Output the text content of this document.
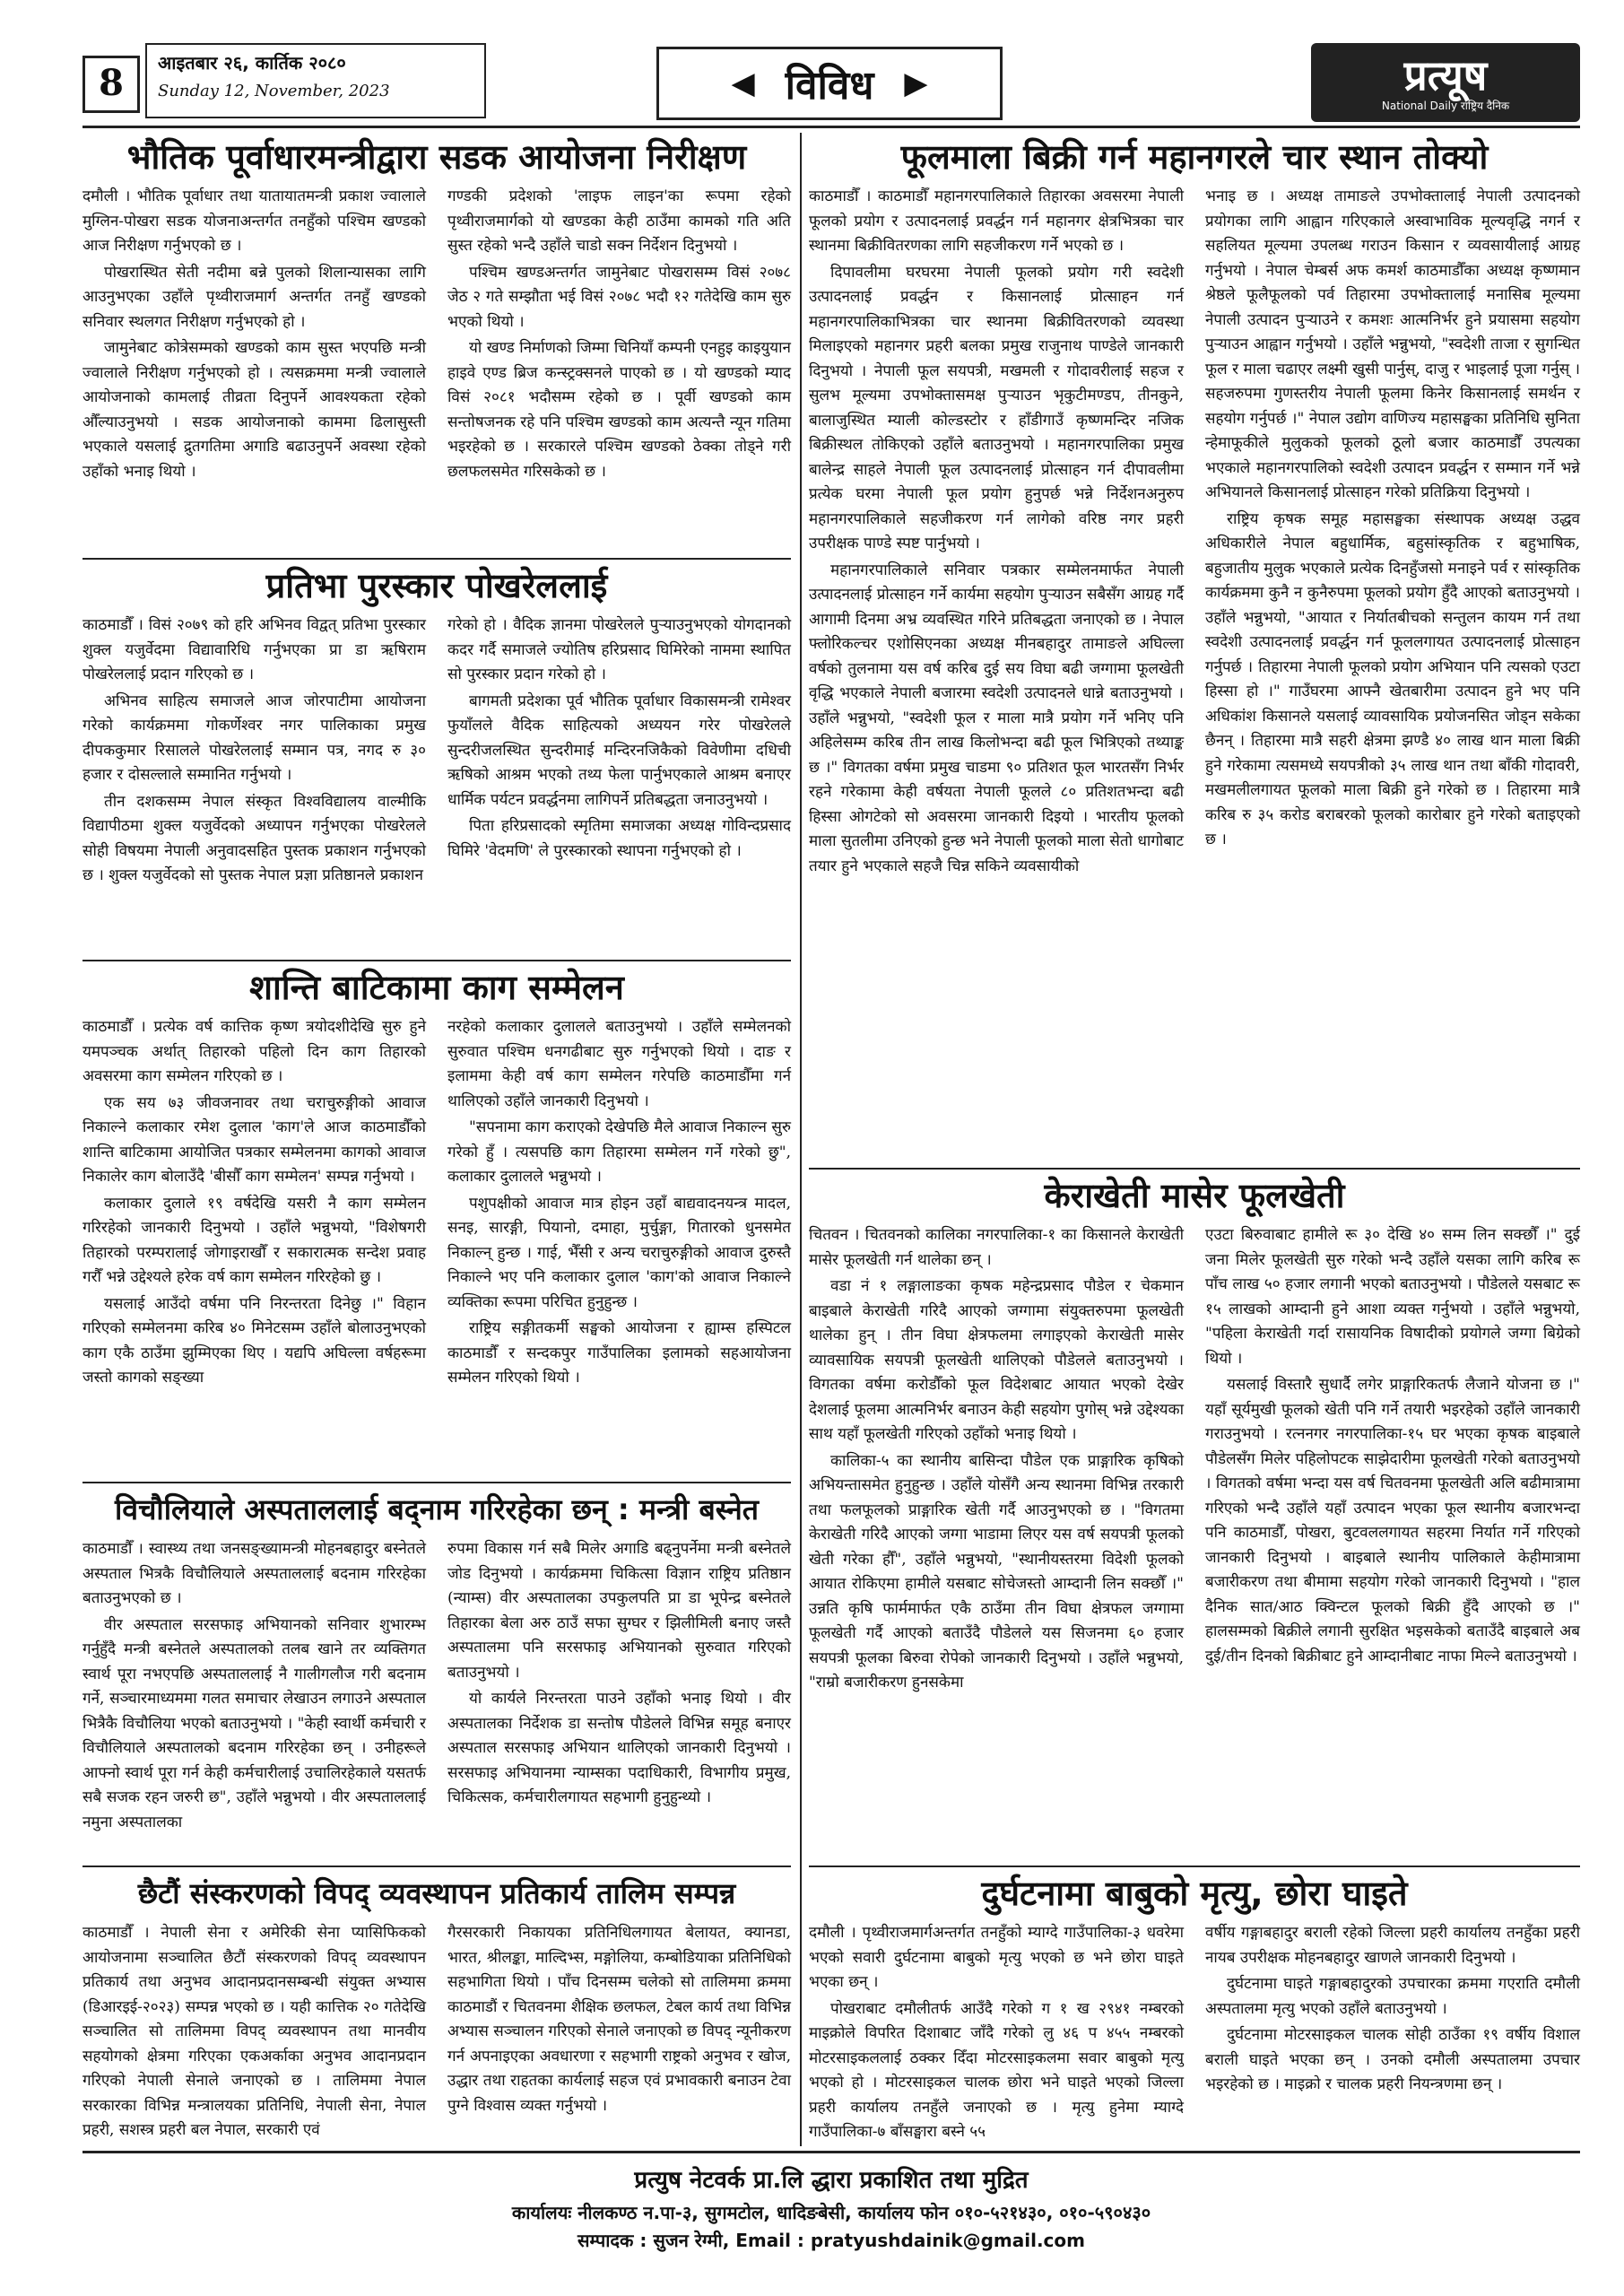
8	आइतबार २६, कार्तिक २०८०
Sunday 12, November, 2023	◀ विविध ▶	प्रत्यूष
National Daily राष्ट्रिय दैनिक
भौतिक पूर्वाधारमन्त्रीद्वारा सडक आयोजना निरीक्षण

दमौली । भौतिक पूर्वाधार तथा यातायातमन्त्री प्रकाश ज्वालाले मुग्लिन-पोखरा सडक योजनाअन्तर्गत तनहुँको पश्चिम खण्डको आज निरीक्षण गर्नुभएको छ ।

पोखरास्थित सेती नदीमा बन्ने पुलको शिलान्यासका लागि आउनुभएका उहाँले पृथ्वीराजमार्ग अन्तर्गत तनहुँ खण्डको सनिवार स्थलगत निरीक्षण गर्नुभएको हो ।

जामुनेबाट कोत्रेसम्मको खण्डको काम सुस्त भएपछि मन्त्री ज्वालाले निरीक्षण गर्नुभएको हो । त्यसक्रममा मन्त्री ज्वालाले आयोजनाको कामलाई तीव्रता दिनुपर्ने आवश्यकता रहेको औँल्याउनुभयो । सडक आयोजनाको काममा ढिलासुस्ती भएकाले यसलाई द्रुतगतिमा अगाडि बढाउनुपर्ने अवस्था रहेको उहाँको भनाइ थियो ।

गण्डकी प्रदेशको 'लाइफ लाइन'का रूपमा रहेको पृथ्वीराजमार्गको यो खण्डका केही ठाउँमा कामको गति अति सुस्त रहेको भन्दै उहाँले चाडो सक्न निर्देशन दिनुभयो ।

पश्चिम खण्डअन्तर्गत जामुनेबाट पोखरासम्म विसं २०७८ जेठ २ गते सम्झौता भई विसं २०७८ भदौ १२ गतेदेखि काम सुरु भएको थियो ।

यो खण्ड निर्माणको जिम्मा चिनियाँ कम्पनी एनहुइ काइयुयान हाइवे एण्ड ब्रिज कन्स्ट्रक्सनले पाएको छ । यो खण्डको म्याद विसं २०८१ भदौसम्म रहेको छ । पूर्वी खण्डको काम सन्तोषजनक रहे पनि पश्चिम खण्डको काम अत्यन्तै न्यून गतिमा भइरहेको छ । सरकारले पश्चिम खण्डको ठेक्का तोड्ने गरी छलफलसमेत गरिसकेको छ ।

प्रतिभा पुरस्कार पोखरेललाई

काठमाडौँ । विसं २०७९ को हरि अभिनव विद्वत् प्रतिभा पुरस्कार शुक्ल यजुर्वेदमा विद्यावारिधि गर्नुभएका प्रा डा ऋषिराम पोखरेललाई प्रदान गरिएको छ ।

अभिनव साहित्य समाजले आज जोरपाटीमा आयोजना गरेको कार्यक्रममा गोकर्णेश्वर नगर पालिकाका प्रमुख दीपककुमार रिसालले पोखरेललाई सम्मान पत्र, नगद रु ३० हजार र दोसल्लाले सम्मानित गर्नुभयो ।

तीन दशकसम्म नेपाल संस्कृत विश्वविद्यालय वाल्मीकि विद्यापीठमा शुक्ल यजुर्वेदको अध्यापन गर्नुभएका पोखरेलले सोही विषयमा नेपाली अनुवादसहित पुस्तक प्रकाशन गर्नुभएको छ । शुक्ल यजुर्वेदको सो पुस्तक नेपाल प्रज्ञा प्रतिष्ठानले प्रकाशन

गरेको हो । वैदिक ज्ञानमा पोखरेलले पुऱ्याउनुभएको योगदानको कदर गर्दै समाजले ज्योतिष हरिप्रसाद घिमिरेको नाममा स्थापित सो पुरस्कार प्रदान गरेको हो ।

बागमती प्रदेशका पूर्व भौतिक पूर्वाधार विकासमन्त्री रामेश्वर फुयाँलले वैदिक साहित्यको अध्ययन गरेर पोखरेलले सुन्दरीजलस्थित सुन्दरीमाई मन्दिरनजिकैको विवेणीमा दधिची ऋषिको आश्रम भएको तथ्य फेला पार्नुभएकाले आश्रम बनाएर धार्मिक पर्यटन प्रवर्द्धनमा लागिपर्ने प्रतिबद्धता जनाउनुभयो ।

पिता हरिप्रसादको स्मृतिमा समाजका अध्यक्ष गोविन्दप्रसाद घिमिरे 'वेदमणि' ले पुरस्कारको स्थापना गर्नुभएको हो ।

शान्ति बाटिकामा काग सम्मेलन

काठमाडौँ । प्रत्येक वर्ष कात्तिक कृष्ण त्रयोदशीदेखि सुरु हुने यमपञ्चक अर्थात् तिहारको पहिलो दिन काग तिहारको अवसरमा काग सम्मेलन गरिएको छ ।

एक सय ७३ जीवजनावर तथा चराचुरुङ्गीको आवाज निकाल्ने कलाकार रमेश दुलाल 'काग'ले आज काठमाडौँको शान्ति बाटिकामा आयोजित पत्रकार सम्मेलनमा कागको आवाज निकालेर काग बोलाउँदै 'बीसौँ काग सम्मेलन' सम्पन्न गर्नुभयो ।

कलाकार दुलाले १९ वर्षदेखि यसरी नै काग सम्मेलन गरिरहेको जानकारी दिनुभयो । उहाँले भन्नुभयो, "विशेषगरी तिहारको परम्परालाई जोगाइराखौँ र सकारात्मक सन्देश प्रवाह गरौँ भन्ने उद्देश्यले हरेक वर्ष काग सम्मेलन गरिरहेको छु ।

यसलाई आउँदो वर्षमा पनि निरन्तरता दिनेछु ।" विहान गरिएको सम्मेलनमा करिब ४० मिनेटसम्म उहाँले बोलाउनुभएको काग एकै ठाउँमा झुम्मिएका थिए । यद्यपि अघिल्ला वर्षहरूमा जस्तो कागको सङ्ख्या

नरहेको कलाकार दुलालले बताउनुभयो । उहाँले सम्मेलनको सुरुवात पश्चिम धनगढीबाट सुरु गर्नुभएको थियो । दाङ र इलाममा केही वर्ष काग सम्मेलन गरेपछि काठमाडौँमा गर्न थालिएको उहाँले जानकारी दिनुभयो ।

"सपनामा काग कराएको देखेपछि मैले आवाज निकाल्न सुरु गरेको हुँ । त्यसपछि काग तिहारमा सम्मेलन गर्ने गरेको छु", कलाकार दुलालले भन्नुभयो ।

पशुपक्षीको आवाज मात्र होइन उहाँ बाद्यवादनयन्त्र मादल, सनइ, सारङ्गी, पियानो, दमाहा, मुर्चुङ्गा, गितारको धुनसमेत निकाल्न् हुन्छ । गाई, भैँसी र अन्य चराचुरुङ्गीको आवाज दुरुस्तै निकाल्ने भए पनि कलाकार दुलाल 'काग'को आवाज निकाल्ने व्यक्तिका रूपमा परिचित हुनुहुन्छ ।

राष्ट्रिय सङ्गीतकर्मी सङ्घको आयोजना र ह्याम्स हस्पिटल काठमाडौँ र सन्दकपुर गाउँपालिका इलामको सहआयोजना सम्मेलन गरिएको थियो ।

विचौलियाले अस्पताललाई बद्नाम गरिरहेका छन् : मन्त्री बस्नेत

काठमाडौँ । स्वास्थ्य तथा जनसङ्ख्यामन्त्री मोहनबहादुर बस्नेतले अस्पताल भित्रकै विचौलियाले अस्पताललाई बदनाम गरिरहेका बताउनुभएको छ ।

वीर अस्पताल सरसफाइ अभियानको सनिवार शुभारम्भ गर्नुहुँदै मन्त्री बस्नेतले अस्पतालको तलब खाने तर व्यक्तिगत स्वार्थ पूरा नभएपछि अस्पताललाई नै गालीगलौज गरी बदनाम गर्ने, सञ्चारमाध्यममा गलत समाचार लेखाउन लगाउने अस्पताल भित्रैकै विचौलिया भएको बताउनुभयो । "केही स्वार्थी कर्मचारी र विचौलियाले अस्पतालको बदनाम गरिरहेका छन् । उनीहरूले आफ्नो स्वार्थ पूरा गर्न केही कर्मचारीलाई उचालिरहेकाले यसतर्फ सबै सजक रहन जरुरी छ", उहाँले भन्नुभयो । वीर अस्पताललाई नमुना अस्पतालका

रुपमा विकास गर्न सबै मिलेर अगाडि बढ्नुपर्नेमा मन्त्री बस्नेतले जोड दिनुभयो । कार्यक्रममा चिकित्सा विज्ञान राष्ट्रिय प्रतिष्ठान (न्याम्स) वीर अस्पतालका उपकुलपति प्रा डा भूपेन्द्र बस्नेतले तिहारका बेला अरु ठाउँ सफा सुग्घर र झिलीमिली बनाए जस्तै अस्पतालमा पनि सरसफाइ अभियानको सुरुवात गरिएको बताउनुभयो ।

यो कार्यले निरन्तरता पाउने उहाँको भनाइ थियो । वीर अस्पतालका निर्देशक डा सन्तोष पौडेलले विभिन्न समूह बनाएर अस्पताल सरसफाइ अभियान थालिएको जानकारी दिनुभयो । सरसफाइ अभियानमा न्याम्सका पदाधिकारी, विभागीय प्रमुख, चिकित्सक, कर्मचारीलगायत सहभागी हुनुहुन्थ्यो ।

छैटौं संस्करणको विपद् व्यवस्थापन प्रतिकार्य तालिम सम्पन्न

काठमाडौँ । नेपाली सेना र अमेरिकी सेना प्यासिफिकको आयोजनामा सञ्चालित छैटौं संस्करणको विपद् व्यवस्थापन प्रतिकार्य तथा अनुभव आदानप्रदानसम्बन्धी संयुक्त अभ्यास (डिआरइई-२०२३) सम्पन्न भएको छ । यही कात्तिक २० गतेदेखि सञ्चालित सो तालिममा विपद् व्यवस्थापन तथा मानवीय सहयोगको क्षेत्रमा गरिएका एकअर्काका अनुभव आदानप्रदान गरिएको नेपाली सेनाले जनाएको छ । तालिममा नेपाल सरकारका विभिन्न मन्त्रालयका प्रतिनिधि, नेपाली सेना, नेपाल प्रहरी, सशस्त्र प्रहरी बल नेपाल, सरकारी एवं

गैरसरकारी निकायका प्रतिनिधिलगायत बेलायत, क्यानडा, भारत, श्रीलङ्का, माल्दिभ्स, मङ्गोलिया, कम्बोडियाका प्रतिनिधिको सहभागिता थियो । पाँच दिनसम्म चलेको सो तालिममा क्रममा काठमाडौं र चितवनमा शैक्षिक छलफल, टेबल कार्य तथा विभिन्न अभ्यास सञ्चालन गरिएको सेनाले जनाएको छ विपद् न्यूनीकरण गर्न अपनाइएका अवधारणा र सहभागी राष्ट्रको अनुभव र खोज, उद्धार तथा राहतका कार्यलाई सहज एवं प्रभावकारी बनाउन टेवा पुग्ने विश्वास व्यक्त गर्नुभयो ।

फूलमाला बिक्री गर्न महानगरले चार स्थान तोक्यो

काठमाडौँ । काठमाडौँ महानगरपालिकाले तिहारका अवसरमा नेपाली फूलको प्रयोग र उत्पादनलाई प्रवर्द्धन गर्न महानगर क्षेत्रभित्रका चार स्थानमा बिक्रीवितरणका लागि सहजीकरण गर्ने भएको छ ।

दिपावलीमा घरघरमा नेपाली फूलको प्रयोग गरी स्वदेशी उत्पादनलाई प्रवर्द्धन र किसानलाई प्रोत्साहन गर्न महानगरपालिकाभित्रका चार स्थानमा बिक्रीवितरणको व्यवस्था मिलाइएको महानगर प्रहरी बलका प्रमुख राजुनाथ पाण्डेले जानकारी दिनुभयो । नेपाली फूल सयपत्री, मखमली र गोदावरीलाई सहज र सुलभ मूल्यमा उपभोक्तासमक्ष पुऱ्याउन भृकुटीमण्डप, तीनकुने, बालाजुस्थित म्याली कोल्डस्टोर र हाँडीगाउँ कृष्णमन्दिर नजिक बिक्रीस्थल तोकिएको उहाँले बताउनुभयो । महानगरपालिका प्रमुख बालेन्द्र साहले नेपाली फूल उत्पादनलाई प्रोत्साहन गर्न दीपावलीमा प्रत्येक घरमा नेपाली फूल प्रयोग हुनुपर्छ भन्ने निर्देशनअनुरुप महानगरपालिकाले सहजीकरण गर्न लागेको वरिष्ठ नगर प्रहरी उपरीक्षक पाण्डे स्पष्ट पार्नुभयो ।

महानगरपालिकाले सनिवार पत्रकार सम्मेलनमार्फत नेपाली उत्पादनलाई प्रोत्साहन गर्ने कार्यमा सहयोग पुऱ्याउन सबैसँग आग्रह गर्दै आगामी दिनमा अभ्र व्यवस्थित गरिने प्रतिबद्धता जनाएको छ । नेपाल फ्लोरिकल्चर एशोसिएनका अध्यक्ष मीनबहादुर तामाङले अघिल्ला वर्षको तुलनामा यस वर्ष करिब दुई सय विघा बढी जग्गामा फूलखेती वृद्धि भएकाले नेपाली बजारमा स्वदेशी उत्पादनले धान्ने बताउनुभयो । उहाँले भन्नुभयो, "स्वदेशी फूल र माला मात्रै प्रयोग गर्ने भनिए पनि अहिलेसम्म करिब तीन लाख किलोभन्दा बढी फूल भित्रिएको तथ्याङ्क छ ।" विगतका वर्षमा प्रमुख चाडमा ९० प्रतिशत फूल भारतसँग निर्भर रहने गरेकामा केही वर्षयता नेपाली फूलले ८० प्रतिशतभन्दा बढी हिस्सा ओगटेको सो अवसरमा जानकारी दिइयो । भारतीय फूलको माला सुतलीमा उनिएको हुन्छ भने नेपाली फूलको माला सेतो धागोबाट तयार हुने भएकाले सहजै चिन्न सकिने व्यवसायीको

भनाइ छ । अध्यक्ष तामाङले उपभोक्तालाई नेपाली उत्पादनको प्रयोगका लागि आह्वान गरिएकाले अस्वाभाविक मूल्यवृद्धि नगर्न र सहलियत मूल्यमा उपलब्ध गराउन किसान र व्यवसायीलाई आग्रह गर्नुभयो । नेपाल चेम्बर्स अफ कमर्श काठमाडौँका अध्यक्ष कृष्णमान श्रेष्ठले फूलैफूलको पर्व तिहारमा उपभोक्तालाई मनासिब मूल्यमा नेपाली उत्पादन पुऱ्याउने र कमशः आत्मनिर्भर हुने प्रयासमा सहयोग पुऱ्याउन आह्वान गर्नुभयो । उहाँले भन्नुभयो, "स्वदेशी ताजा र सुगन्धित फूल र माला चढाएर लक्ष्मी खुसी पार्नुस्, दाजु र भाइलाई पूजा गर्नुस् । सहजरुपमा गुणस्तरीय नेपाली फूलमा किनेर किसानलाई समर्थन र सहयोग गर्नुपर्छ ।" नेपाल उद्योग वाणिज्य महासङ्घका प्रतिनिधि सुनिता न्हेमाफूकीले मुलुकको फूलको ठूलो बजार काठमाडौँ उपत्यका भएकाले महानगरपालिको स्वदेशी उत्पादन प्रवर्द्धन र सम्मान गर्ने भन्ने अभियानले किसानलाई प्रोत्साहन गरेको प्रतिक्रिया दिनुभयो ।

राष्ट्रिय कृषक समूह महासङ्घका संस्थापक अध्यक्ष उद्धव अधिकारीले नेपाल बहुधार्मिक, बहुसांस्कृतिक र बहुभाषिक, बहुजातीय मुलुक भएकाले प्रत्येक दिनहुँजसो मनाइने पर्व र सांस्कृतिक कार्यक्रममा कुनै न कुनैरुपमा फूलको प्रयोग हुँदै आएको बताउनुभयो । उहाँले भन्नुभयो, "आयात र निर्यातबीचको सन्तुलन कायम गर्न तथा स्वदेशी उत्पादनलाई प्रवर्द्धन गर्न फूललगायत उत्पादनलाई प्रोत्साहन गर्नुपर्छ । तिहारमा नेपाली फूलको प्रयोग अभियान पनि त्यसको एउटा हिस्सा हो ।" गाउँघरमा आफ्नै खेतबारीमा उत्पादन हुने भए पनि अधिकांश किसानले यसलाई व्यावसायिक प्रयोजनसित जोड्न सकेका छैनन् । तिहारमा मात्रै सहरी क्षेत्रमा झण्डै ४० लाख थान माला बिक्री हुने गरेकामा त्यसमध्ये सयपत्रीको ३५ लाख थान तथा बाँकी गोदावरी, मखमलीलगायत फूलको माला बिक्री हुने गरेको छ । तिहारमा मात्रै करिब रु ३५ करोड बराबरको फूलको कारोबार हुने गरेको बताइएको छ ।

केराखेती मासेर फूलखेती

चितवन । चितवनको कालिका नगरपालिका-१ का किसानले केराखेती मासेर फूलखेती गर्न थालेका छन् ।

वडा नं १ लङ्गालाङका कृषक महेन्द्रप्रसाद पौडेल र चेकमान बाइबाले केराखेती गरिदै आएको जग्गामा संयुक्तरुपमा फूलखेती थालेका हुन् । तीन विघा क्षेत्रफलमा लगाइएको केराखेती मासेर व्यावसायिक सयपत्री फूलखेती थालिएको पौडेलले बताउनुभयो । विगतका वर्षमा करोडौँको फूल विदेशबाट आयात भएको देखेर देशलाई फूलमा आत्मनिर्भर बनाउन केही सहयोग पुगोस् भन्ने उद्देश्यका साथ यहाँ फूलखेती गरिएको उहाँको भनाइ थियो ।

कालिका-५ का स्थानीय बासिन्दा पौडेल एक प्राङ्गारिक कृषिको अभियन्तासमेत हुनुहुन्छ । उहाँले योसँगै अन्य स्थानमा विभिन्न तरकारी तथा फलफूलको प्राङ्गारिक खेती गर्दै आउनुभएको छ । "विगतमा केराखेती गरिदै आएको जग्गा भाडामा लिएर यस वर्ष सयपत्री फूलको खेती गरेका हौँ", उहाँले भन्नुभयो, "स्थानीयस्तरमा विदेशी फूलको आयात रोकिएमा हामीले यसबाट सोचेजस्तो आम्दानी लिन सक्छौँ ।" उन्नति कृषि फार्ममार्फत एकै ठाउँमा तीन विघा क्षेत्रफल जग्गामा फूलखेती गर्दै आएको बताउँदै पौडेलले यस सिजनमा ६० हजार सयपत्री फूलका बिरुवा रोपेको जानकारी दिनुभयो । उहाँले भन्नुभयो, "राम्रो बजारीकरण हुनसकेमा

एउटा बिरुवाबाट हामीले रू ३० देखि ४० सम्म लिन सक्छौँ ।" दुई जना मिलेर फूलखेती सुरु गरेको भन्दै उहाँले यसका लागि करिब रू पाँच लाख ५० हजार लगानी भएको बताउनुभयो । पौडेलले यसबाट रू १५ लाखको आम्दानी हुने आशा व्यक्त गर्नुभयो । उहाँले भन्नुभयो, "पहिला केराखेती गर्दा रासायनिक विषादीको प्रयोगले जग्गा बिग्रेको थियो ।

यसलाई विस्तारै सुधार्दै लगेर प्राङ्गारिकतर्फ लैजाने योजना छ ।" यहाँ सूर्यमुखी फूलको खेती पनि गर्ने तयारी भइरहेको उहाँले जानकारी गराउनुभयो । रत्ननगर नगरपालिका-१५ घर भएका कृषक बाइबाले पौडेलसँग मिलेर पहिलोपटक साझेदारीमा फूलखेती गरेको बताउनुभयो । विगतको वर्षमा भन्दा यस वर्ष चितवनमा फूलखेती अलि बढीमात्रामा गरिएको भन्दै उहाँले यहाँ उत्पादन भएका फूल स्थानीय बजारभन्दा पनि काठमाडौँ, पोखरा, बुटवललगायत सहरमा निर्यात गर्ने गरिएको जानकारी दिनुभयो । बाइबाले स्थानीय पालिकाले केहीमात्रामा बजारीकरण तथा बीमामा सहयोग गरेको जानकारी दिनुभयो । "हाल दैनिक सात/आठ क्विन्टल फूलको बिक्री हुँदै आएको छ ।" हालसम्मको बिक्रीले लगानी सुरक्षित भइसकेको बताउँदै बाइबाले अब दुई/तीन दिनको बिक्रीबाट हुने आम्दानीबाट नाफा मिल्ने बताउनुभयो ।

दुर्घटनामा बाबुको मृत्यु, छोरा घाइते

दमौली । पृथ्वीराजमार्गअन्तर्गत तनहुँको म्याग्दे गाउँपालिका-३ धवरेमा भएको सवारी दुर्घटनामा बाबुको मृत्यु भएको छ भने छोरा घाइते भएका छन् ।

पोखराबाट दमौलीतर्फ आउँदै गरेको ग १ ख २९४१ नम्बरको माइक्रोले विपरित दिशाबाट जाँदै गरेको लु ४६ प ४५५ नम्बरको मोटरसाइकललाई ठक्कर दिँदा मोटरसाइकलमा सवार बाबुको मृत्यु भएको हो । मोटरसाइकल चालक छोरा भने घाइते भएको जिल्ला प्रहरी कार्यालय तनहुँले जनाएको छ । मृत्यु हुनेमा म्याग्दे गाउँपालिका-७ बाँसङ्घारा बस्ने ५५

वर्षीय गङ्गाबहादुर बराली रहेको जिल्ला प्रहरी कार्यालय तनहुँका प्रहरी नायब उपरीक्षक मोहनबहादुर खाणले जानकारी दिनुभयो ।

दुर्घटनामा घाइते गङ्गाबहादुरको उपचारका क्रममा गएराति दमौली अस्पतालमा मृत्यु भएको उहाँले बताउनुभयो ।

दुर्घटनामा मोटरसाइकल चालक सोही ठाउँका १९ वर्षीय विशाल बराली घाइते भएका छन् । उनको दमौली अस्पतालमा उपचार भइरहेको छ । माइक्रो र चालक प्रहरी नियन्त्रणमा छन् ।

प्रत्युष नेटवर्क प्रा.लि द्धारा प्रकाशित तथा मुद्रित
कार्यालयः नीलकण्ठ न.पा-३, सुगमटोल, धादिङबेसी, कार्यालय फोन ०१०-५२१४३०, ०१०-५९०४३०
सम्पादक : सुजन रेग्मी, Email : pratyushdainik@gmail.com
